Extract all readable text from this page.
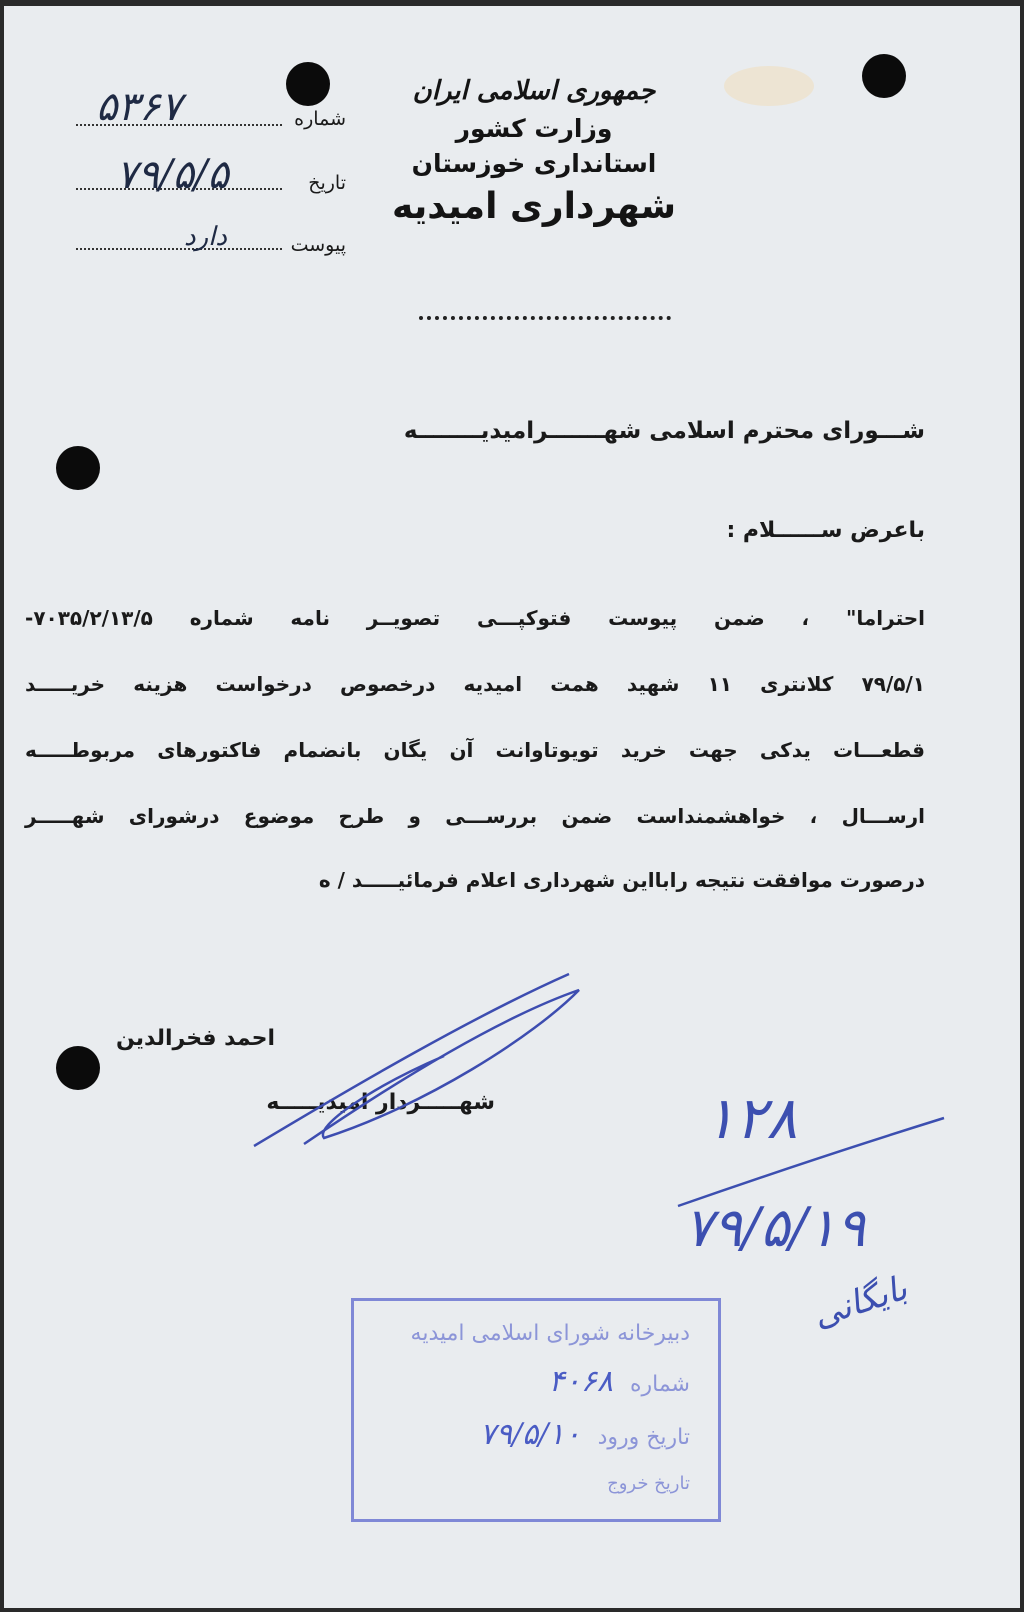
جمهوری اسلامی ایران
وزارت کشور
استانداری خوزستان
شهرداری امیدیه
شماره
۵۳۶۷
تاریخ
۷۹/۵/۵
پیوست
دارد
شـــورای محترم اسلامی شهـــــــرامیدیــــــــه
باعرض ســــــلام :
احتراما" ، ضمن پیوست فتوکپـــی تصویــر نامه شماره ۷۰۳۵/۲/۱۳/۵-
۷۹/۵/۱ کلانتری ۱۱ شهید همت امیدیه درخصوص درخواست هزینه خریـــــد
قطعـــات یدکی جهت خرید تویوتاوانت آن یگان بانضمام فاکتورهای مربوطـــــه
ارســـال ، خواهشمنداست ضمن بررســـی و طرح موضوع درشورای شهـــــر
درصورت موافقت نتیجه رابااین شهرداری اعلام فرمائیـــــد / ه
احمد فخرالدین
شهـــــردار امیدیـــــه	۱۲۸
۷۹/۵/۱۹
بایگانی
دبیرخانه شورای اسلامی امیدیه
شماره ۴۰۶۸
تاریخ ورود ۷۹/۵/۱۰
تاریخ خروج
